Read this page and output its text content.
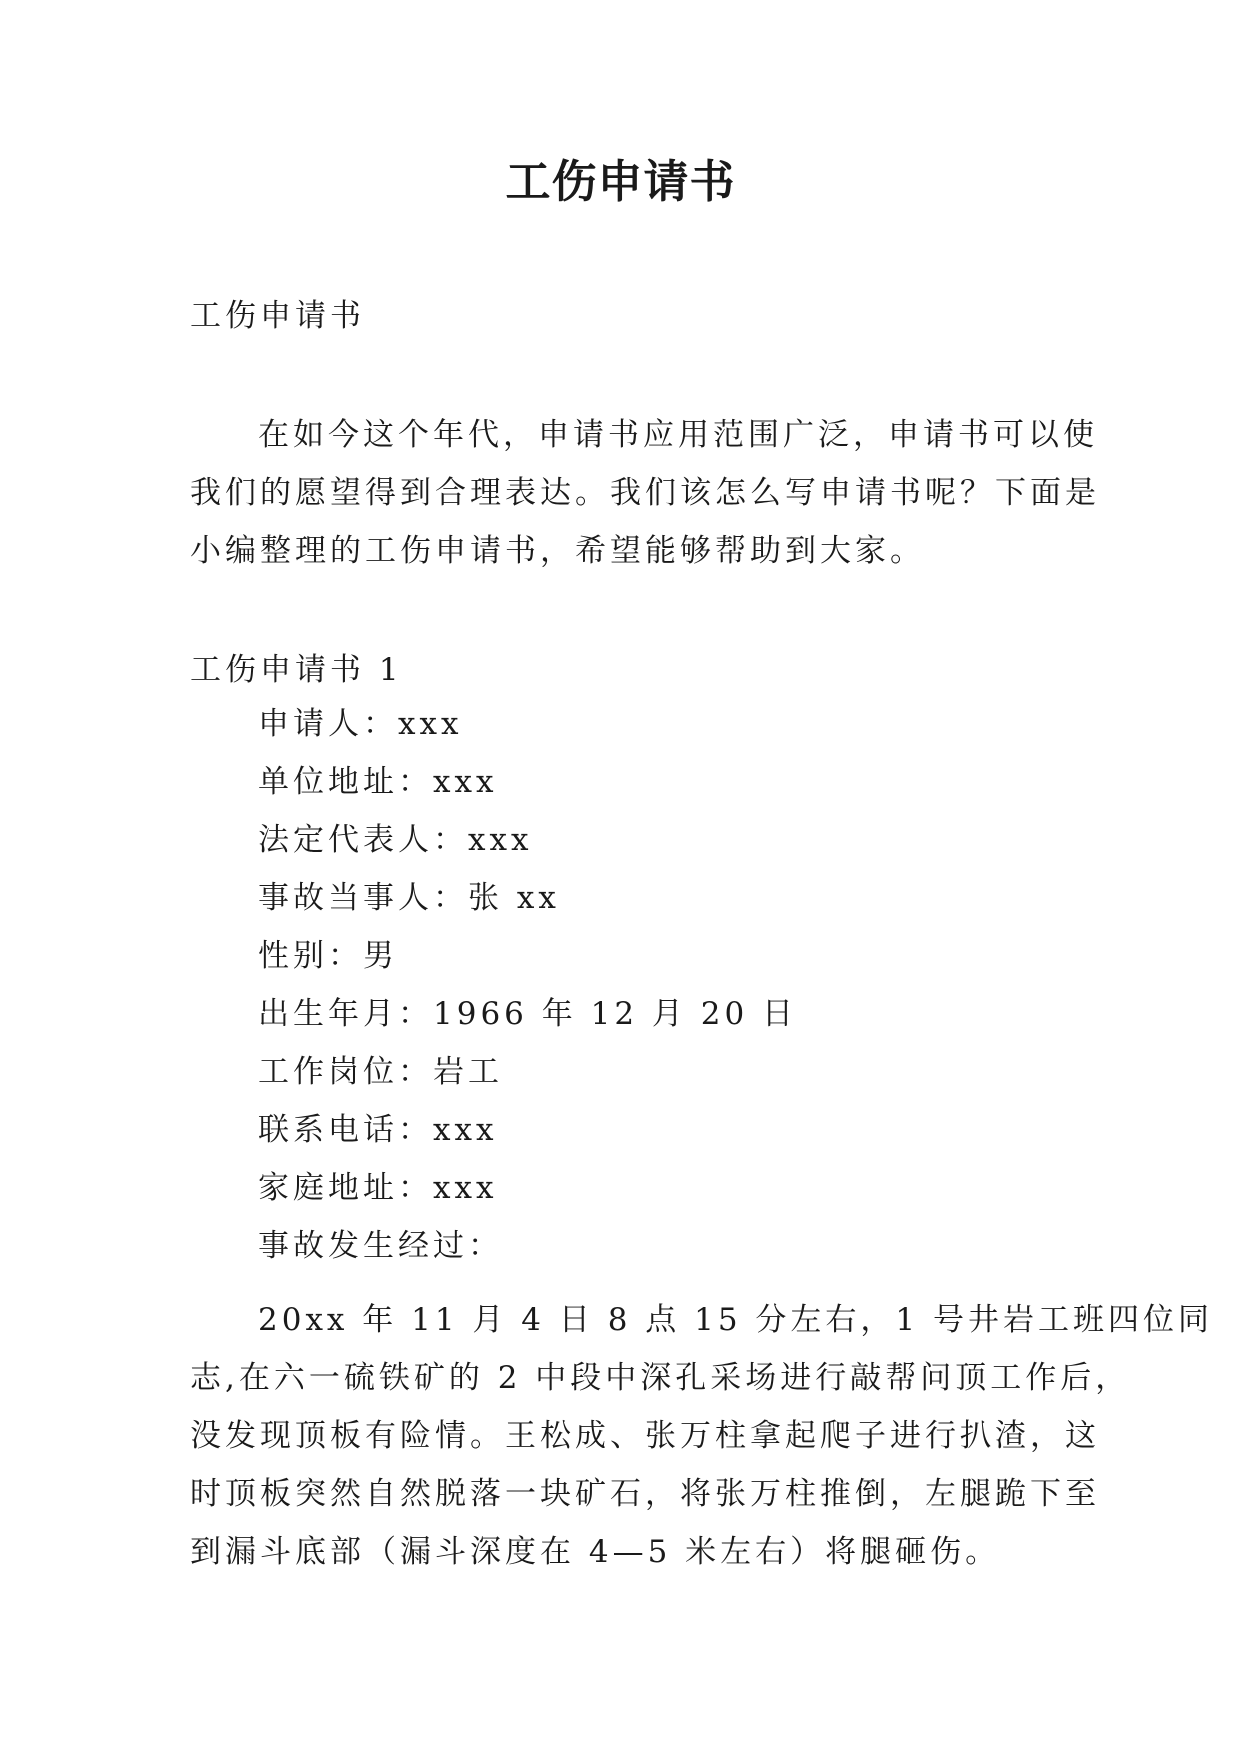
工伤申请书
工伤申请书
在如今这个年代，申请书应用范围广泛，申请书可以使
我们的愿望得到合理表达。我们该怎么写申请书呢？下面是
小编整理的工伤申请书，希望能够帮助到大家。
工伤申请书 1
申请人：xxx
单位地址：xxx
法定代表人：xxx
事故当事人：张 xx
性别：男
出生年月：1966 年 12 月 20 日
工作岗位：岩工
联系电话：xxx
家庭地址：xxx
事故发生经过：
20xx 年 11 月 4 日 8 点 15 分左右，1 号井岩工班四位同
志,在六一硫铁矿的 2 中段中深孔采场进行敲帮问顶工作后，
没发现顶板有险情。王松成、张万柱拿起爬子进行扒渣，这
时顶板突然自然脱落一块矿石，将张万柱推倒，左腿跪下至
到漏斗底部（漏斗深度在 4—5 米左右）将腿砸伤。
